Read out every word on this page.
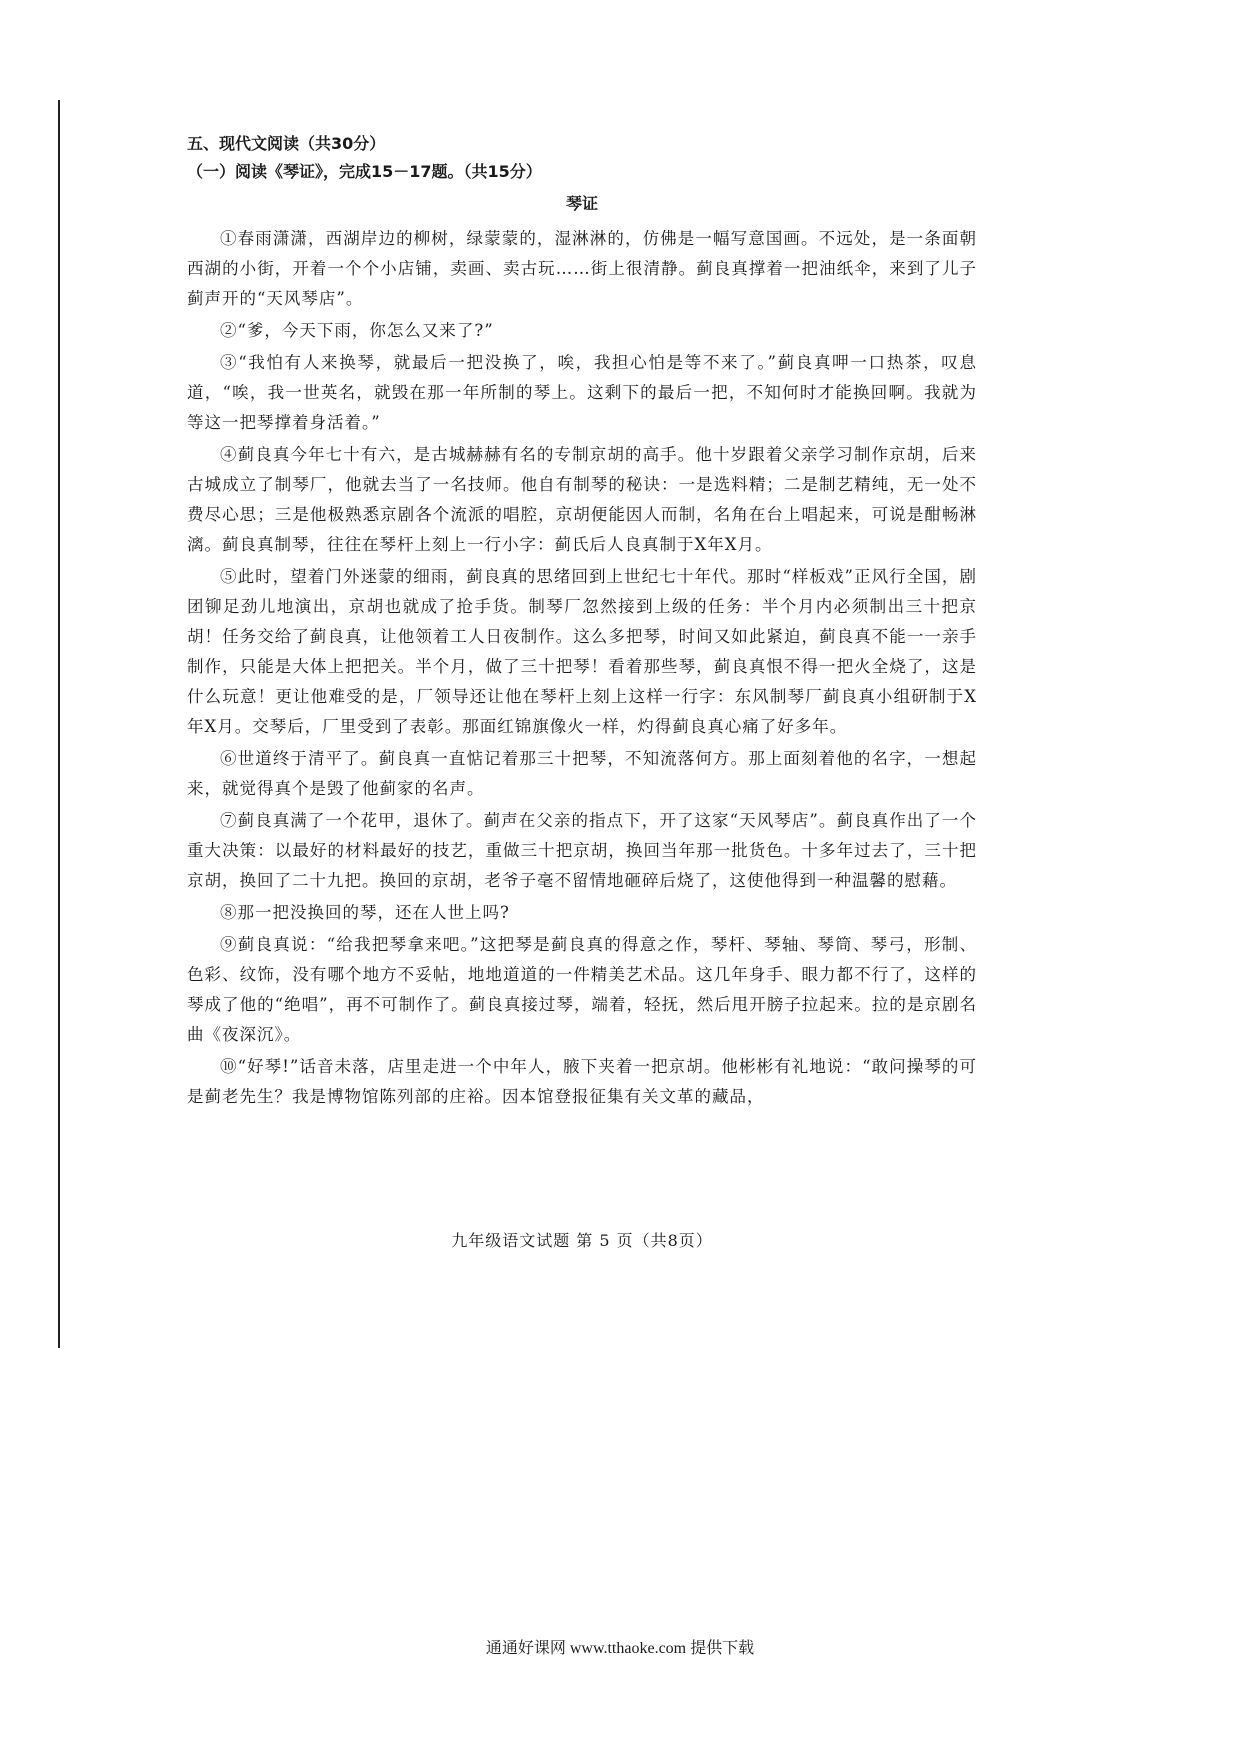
五、现代文阅读（共30分）
（一）阅读《琴证》，完成15－17题。（共15分）
琴证

①春雨潇潇，西湖岸边的柳树，绿蒙蒙的，湿淋淋的，仿佛是一幅写意国画。不远处，是一条面朝西湖的小街，开着一个个小店铺，卖画、卖古玩……街上很清静。蓟良真撑着一把油纸伞，来到了儿子蓟声开的“天风琴店”。

②“爹，今天下雨，你怎么又来了?”

③“我怕有人来换琴，就最后一把没换了，唉，我担心怕是等不来了。”蓟良真呷一口热茶，叹息道，“唉，我一世英名，就毁在那一年所制的琴上。这剩下的最后一把，不知何时才能换回啊。我就为等这一把琴撑着身活着。”

④蓟良真今年七十有六，是古城赫赫有名的专制京胡的高手。他十岁跟着父亲学习制作京胡，后来古城成立了制琴厂，他就去当了一名技师。他自有制琴的秘诀：一是选料精；二是制艺精纯，无一处不费尽心思；三是他极熟悉京剧各个流派的唱腔，京胡便能因人而制，名角在台上唱起来，可说是酣畅淋漓。蓟良真制琴，往往在琴杆上刻上一行小字：蓟氏后人良真制于X年X月。

⑤此时，望着门外迷蒙的细雨，蓟良真的思绪回到上世纪七十年代。那时“样板戏”正风行全国，剧团铆足劲儿地演出，京胡也就成了抢手货。制琴厂忽然接到上级的任务：半个月内必须制出三十把京胡！任务交给了蓟良真，让他领着工人日夜制作。这么多把琴，时间又如此紧迫，蓟良真不能一一亲手制作，只能是大体上把把关。半个月，做了三十把琴！看着那些琴，蓟良真恨不得一把火全烧了，这是什么玩意！更让他难受的是，厂领导还让他在琴杆上刻上这样一行字：东风制琴厂蓟良真小组研制于X年X月。交琴后，厂里受到了表彰。那面红锦旗像火一样，灼得蓟良真心痛了好多年。

⑥世道终于清平了。蓟良真一直惦记着那三十把琴，不知流落何方。那上面刻着他的名字，一想起来，就觉得真个是毁了他蓟家的名声。

⑦蓟良真满了一个花甲，退休了。蓟声在父亲的指点下，开了这家“天风琴店”。蓟良真作出了一个重大决策：以最好的材料最好的技艺，重做三十把京胡，换回当年那一批货色。十多年过去了，三十把京胡，换回了二十九把。换回的京胡，老爷子毫不留情地砸碎后烧了，这使他得到一种温馨的慰藉。

⑧那一把没换回的琴，还在人世上吗?

⑨蓟良真说：“给我把琴拿来吧。”这把琴是蓟良真的得意之作，琴杆、琴轴、琴筒、琴弓，形制、色彩、纹饰，没有哪个地方不妥帖，地地道道的一件精美艺术品。这几年身手、眼力都不行了，这样的琴成了他的“绝唱”，再不可制作了。蓟良真接过琴，端着，轻抚，然后甩开膀子拉起来。拉的是京剧名曲《夜深沉》。

⑩“好琴!”话音未落，店里走进一个中年人，腋下夹着一把京胡。他彬彬有礼地说：“敢问操琴的可是蓟老先生？我是博物馆陈列部的庄裕。因本馆登报征集有关文革的藏品，

九年级语文试题 第 5 页（共8页）
通通好课网 www.tthaoke.com 提供下载
